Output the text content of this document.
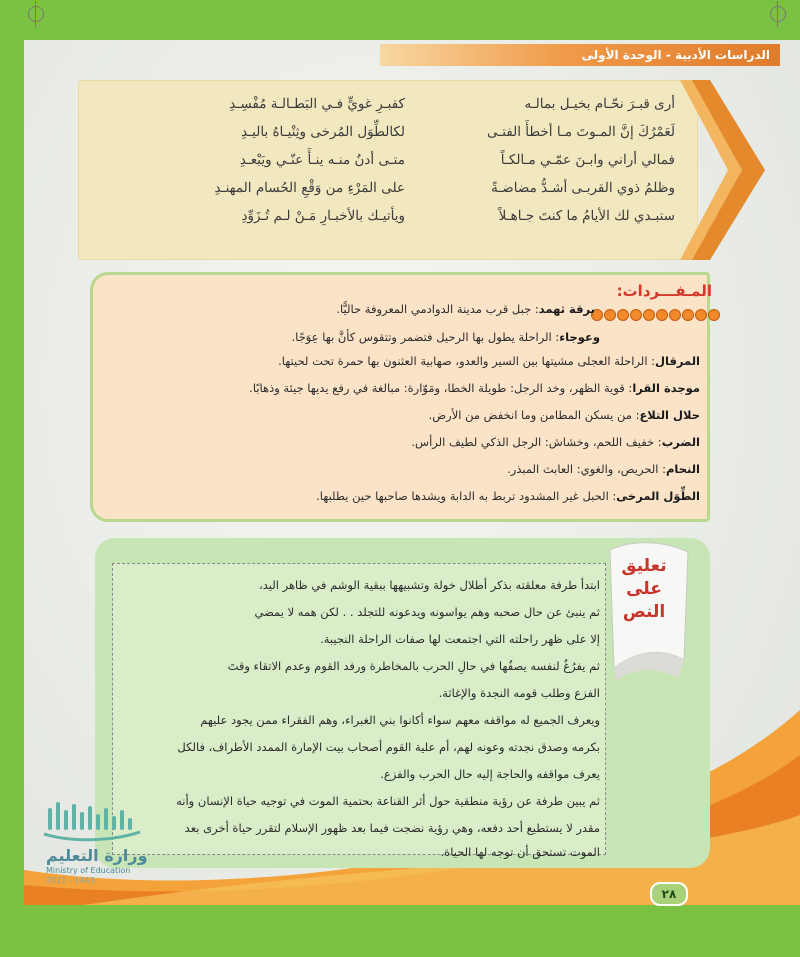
الدراسات الأدبية - الوحدة الأولى
أرى قبـرَ نحّـام بخيـل بمالـه
لَعَمْرُكَ إنَّ المـوتَ مـا أخطأَ الفتـى
فمالي أراني وابـنَ عمّـي مـالكـاً
وظلمُ ذوي القربـى أشـدُّ مضاضـةً
ستبـدي لك الأيامُ ما كنتَ جـاهـلاً
كقبـرِ غويٍّ فـي البَطـالـة مُفْسِـدِ
لكالطِّوَل المُرخى وثِنْيـاهُ باليـدِ
متـى أدنُ منـه ينـأَ عنّـي ويَبْعـدِ
على المَرْءِ من وَقْعِ الحُسام المهنـدِ
ويأتيـك بالأخبـارِ مَـنْ لـم تُـزَوِّدِ
المـفـــردات:
برقة ثهمد: جبل قرب مدينة الدوادمي المعروفة حاليًّا.
وعوجاء: الراحلة يطول بها الرحيل فتضمر وتتقوس كأنَّ بها عِوَجًا.
المرقال: الراحلة العجلى مشيتها بين السير والعدو، صهابية العثنون بها حمرة تحت لحيتها.
موجدة القرا: قوية الظهر، وخد الرجل: طويلة الخطا، ومَوّارة: مبالغة في رفع يديها جيئة وذهابًا.
حلال التلاع: من يسكن المطامن وما انخفض من الأرض.
الضرب: خفيف اللحم، وخشاش: الرجل الذكي لطيف الرأس.
النحام: الحريص، والغوي: العابث المبذر.
الطِّوَل المرخى: الحبل غير المشدود تربط به الدابة ويشدها صاحبها حين يطلبها.
تعليق
على
النص
ابتدأ طرفة معلقته بذكر أطلال خولة وتشبيهها ببقية الوشم في ظاهر اليد،
ثم ينبئ عن حال صحبه وهم يواسونه ويدعونه للتجلد . . لكن همه لا يمضي
إلا على ظهر راحلته التي اجتمعت لها صفات الراحلة النجيبة.
ثم يفرُغُ لنفسه يصفُها في حالِ الحرب بالمخاطرة ورفد القوم وعدم الاتقاء وقتَ
الفزع وطلب قومه النجدة والإغاثة.
ويعرف الجميع له مواقفه معهم سواء أكانوا بني الغبراء، وهم الفقراء ممن يجود عليهم
بكرمه وصدق نجدته وعونه لهم، أم علية القوم أصحاب بيت الإمارة الممدد الأطراف، فالكل
يعرف مواقفه والحاجة إليه حال الحرب والفزع.
ثم يبين طرفة عن رؤية منطقية حول أثر القناعة بحتمية الموت في توجيه حياة الإنسان وأنه
مقدر لا يستطيع أحد دفعه، وهي رؤية نضجت فيما بعد ظهور الإسلام لتقرر حياة أخرى بعد
الموت تستحق أن توجه لها الحياة.
وزارة التعليم
Ministry of Education
2021 - 1443
٢٨
